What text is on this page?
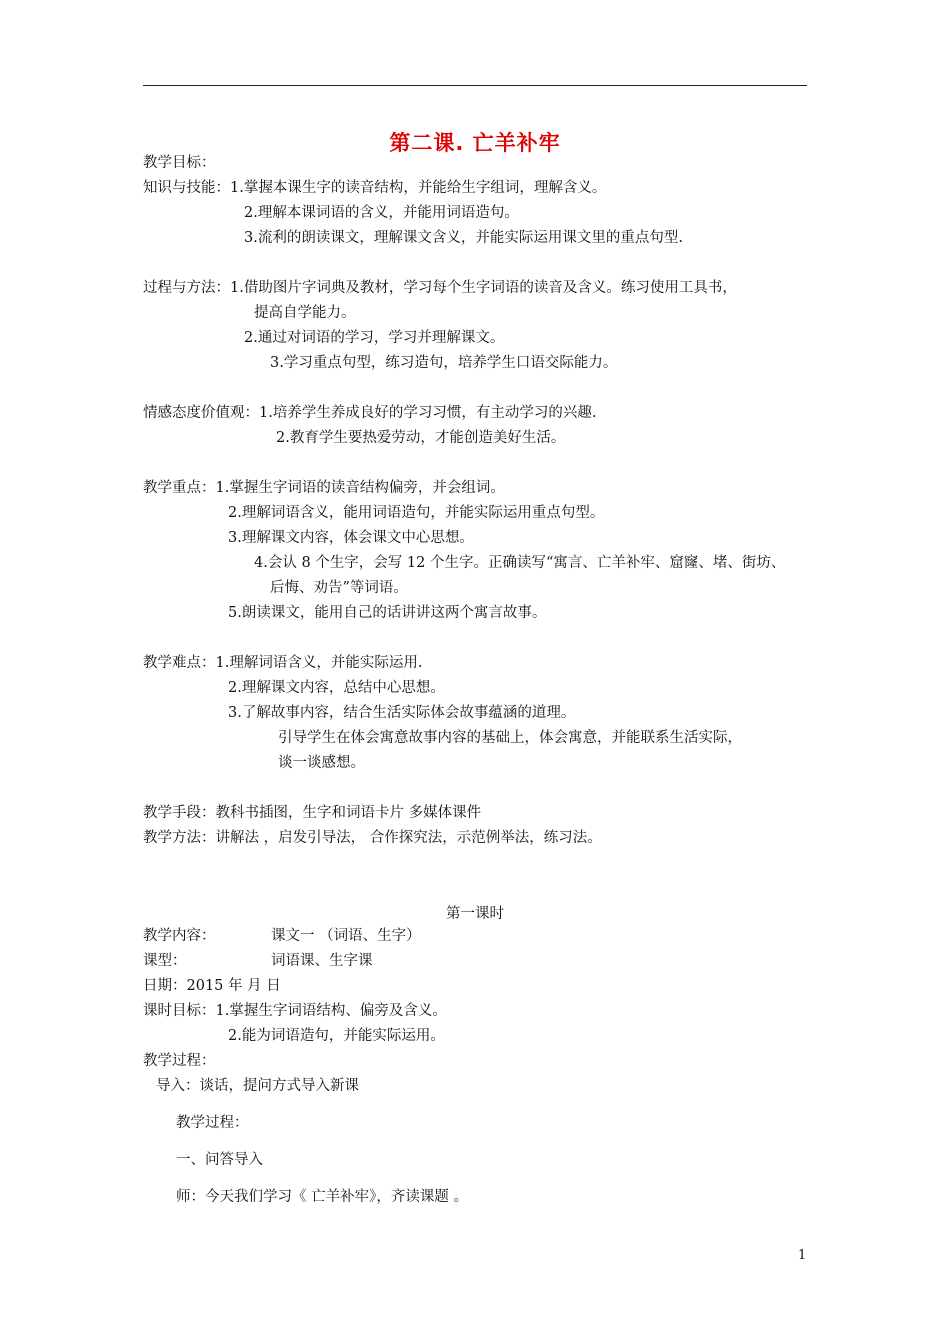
第二课. 亡羊补牢
教学目标：
知识与技能：1.掌握本课生字的读音结构，并能给生字组词，理解含义。
2.理解本课词语的含义，并能用词语造句。
3.流利的朗读课文，理解课文含义，并能实际运用课文里的重点句型.
过程与方法：1.借助图片字词典及教材，学习每个生字词语的读音及含义。练习使用工具书，
提高自学能力。
2.通过对词语的学习，学习并理解课文。
3.学习重点句型，练习造句，培养学生口语交际能力。
情感态度价值观：1.培养学生养成良好的学习习惯，有主动学习的兴趣.
2.教育学生要热爱劳动，才能创造美好生活。
教学重点：1.掌握生字词语的读音结构偏旁，并会组词。
2.理解词语含义，能用词语造句，并能实际运用重点句型。
3.理解课文内容，体会课文中心思想。
4.会认 8 个生字，会写 12 个生字。正确读写“寓言、亡羊补牢、窟窿、堵、街坊、
后悔、劝告”等词语。
5.朗读课文，能用自己的话讲讲这两个寓言故事。
教学难点：1.理解词语含义，并能实际运用.
2.理解课文内容，总结中心思想。
3.了解故事内容，结合生活实际体会故事蕴涵的道理。
引导学生在体会寓意故事内容的基础上，体会寓意，并能联系生活实际，
谈一谈感想。
教学手段：教科书插图，生字和词语卡片 多媒体课件
教学方法：讲解法 ，启发引导法， 合作探究法，示范例举法，练习法。
第一课时
教学内容：	课文一 （词语、生字）
课型：	词语课、生字课
日期：2015 年 月 日
课时目标：1.掌握生字词语结构、偏旁及含义。
2.能为词语造句，并能实际运用。
教学过程：
导入：谈话，提问方式导入新课
教学过程：
一、问答导入
师：今天我们学习《 亡羊补牢》，齐读课题 。
1
